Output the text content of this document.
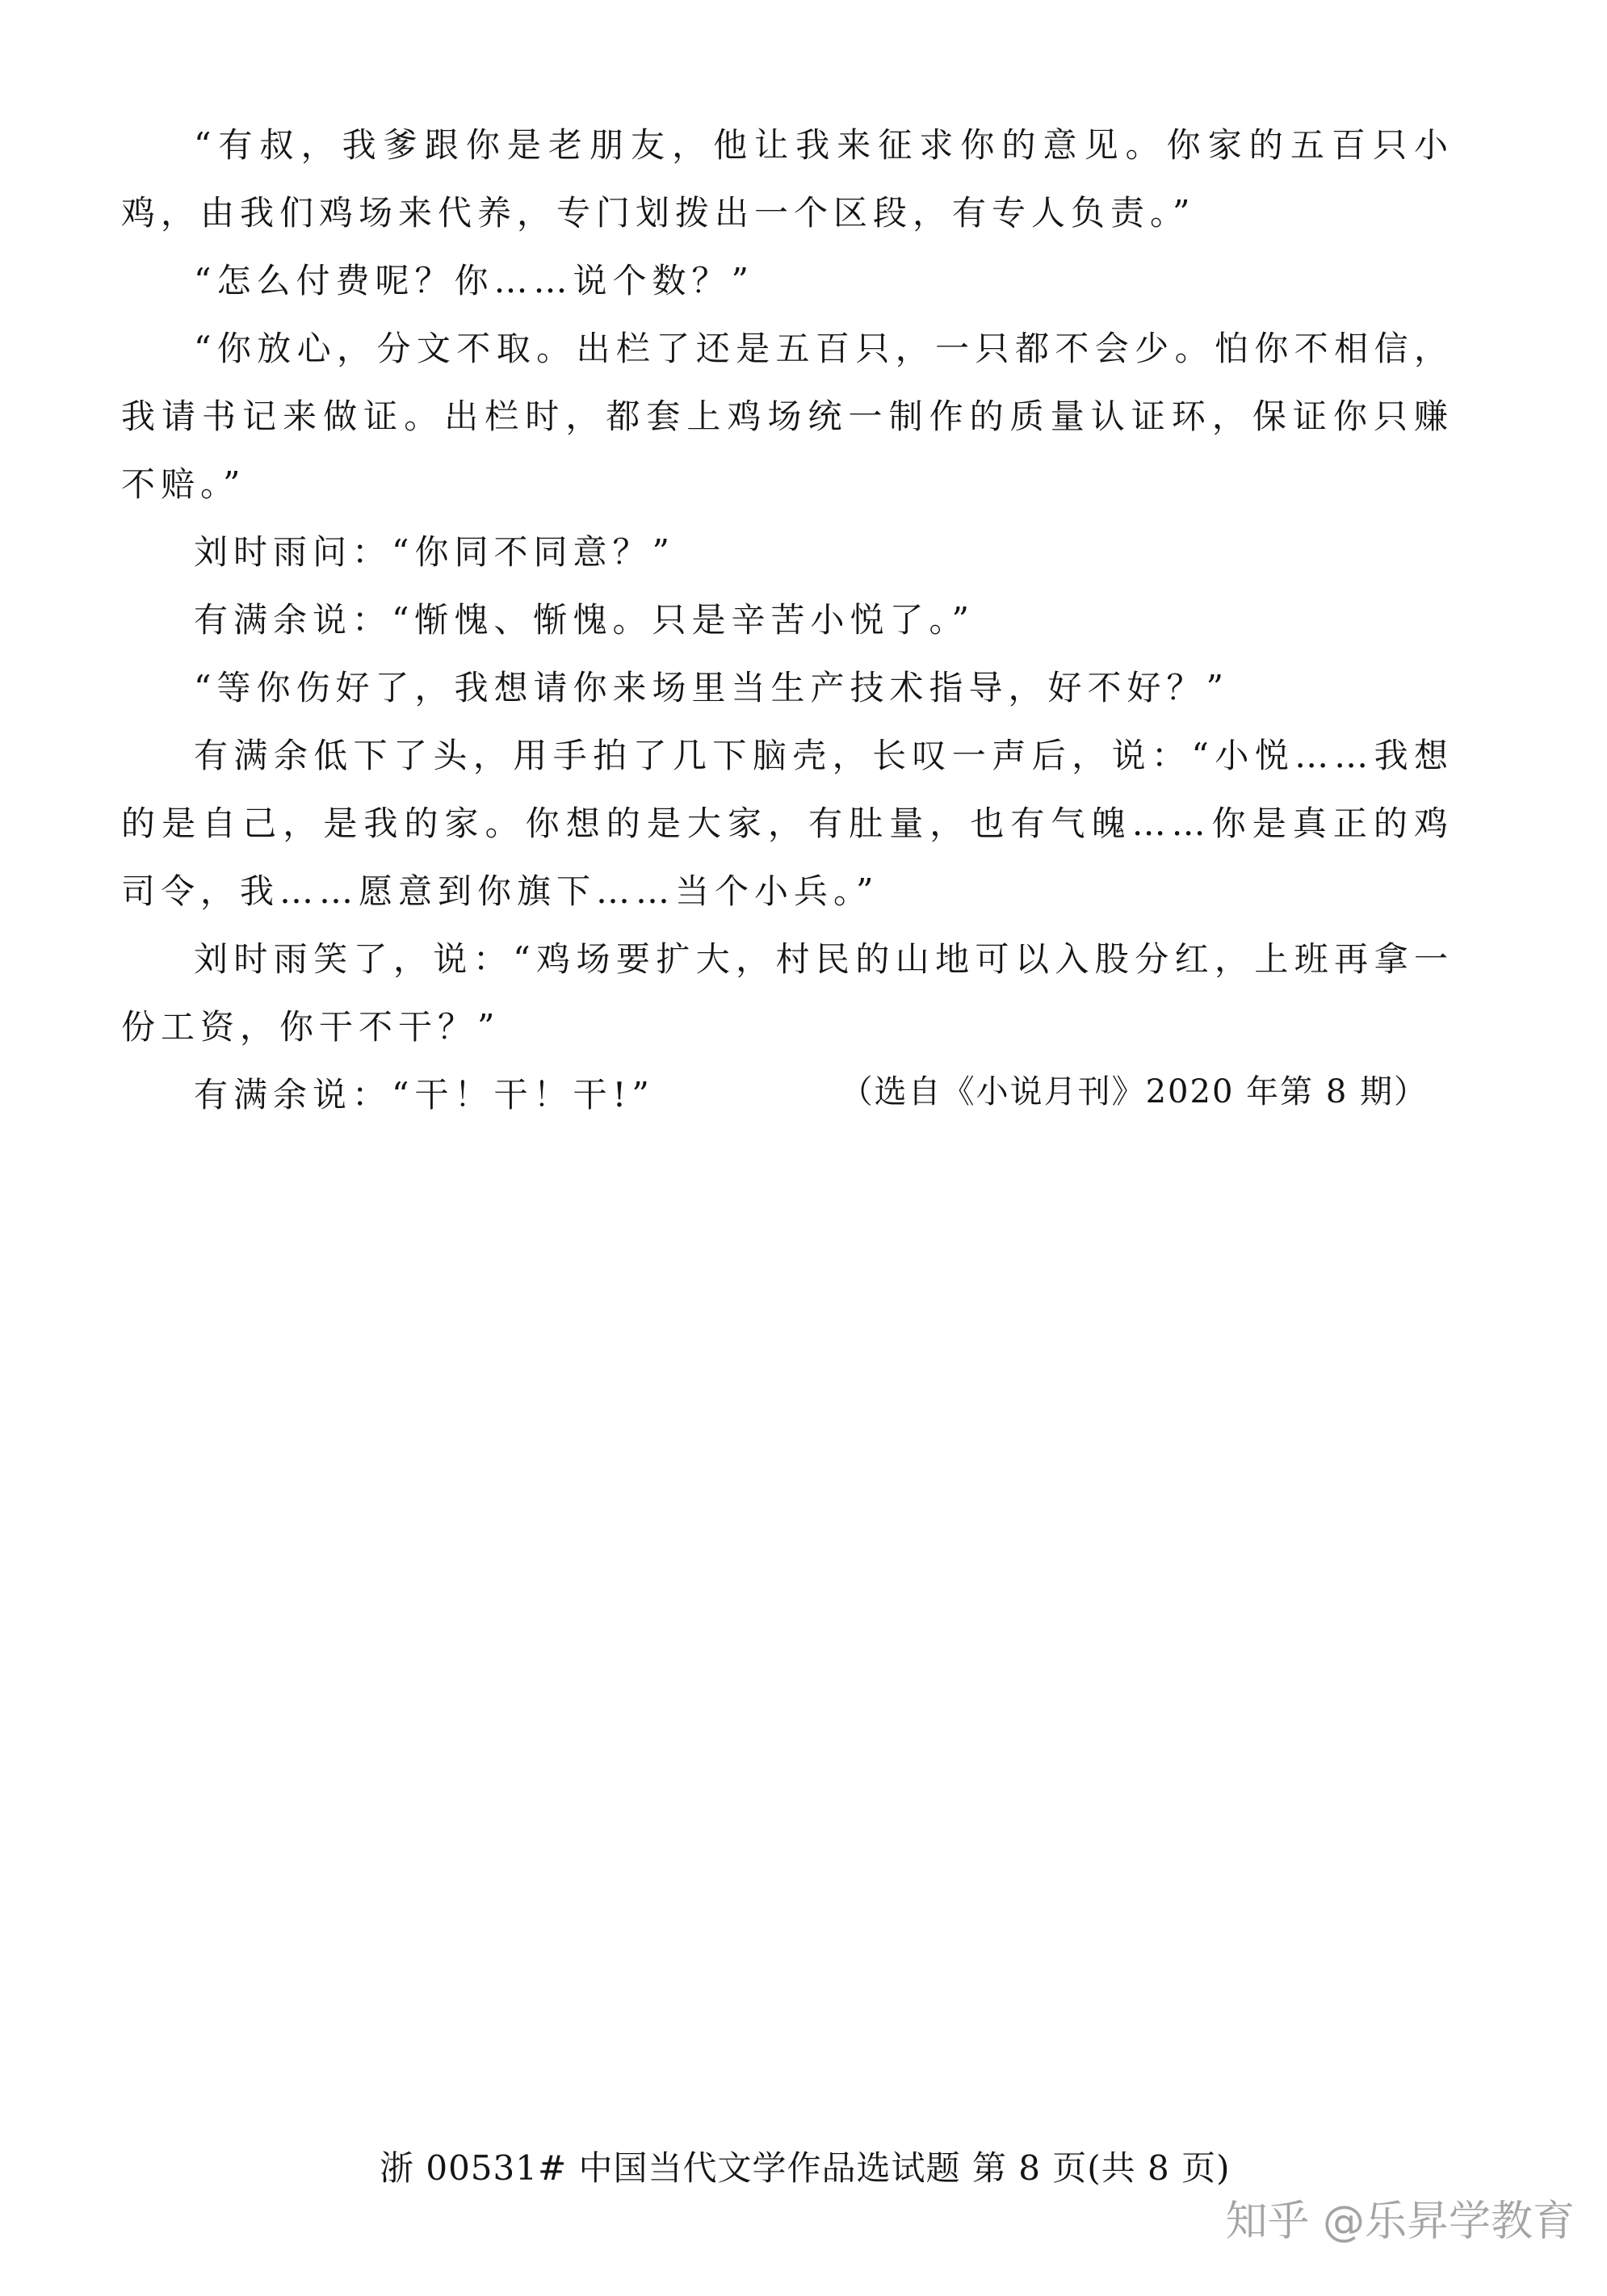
“有叔，我爹跟你是老朋友，他让我来征求你的意见。你家的五百只小鸡，由我们鸡场来代养，专门划拨出一个区段，有专人负责。”

“怎么付费呢？你……说个数？”

“你放心，分文不取。出栏了还是五百只，一只都不会少。怕你不相信，我请书记来做证。出栏时，都套上鸡场统一制作的质量认证环，保证你只赚不赔。”

刘时雨问：“你同不同意？”

有满余说：“惭愧、惭愧。只是辛苦小悦了。”

“等你伤好了，我想请你来场里当生产技术指导，好不好？”

有满余低下了头，用手拍了几下脑壳，长叹一声后，说：“小悦……我想的是自己，是我的家。你想的是大家，有肚量，也有气魄……你是真正的鸡司令，我……愿意到你旗下……当个小兵。”

刘时雨笑了，说：“鸡场要扩大，村民的山地可以入股分红，上班再拿一份工资，你干不干？”

有满余说：“干！干！干!”	（选自《小说月刊》2020 年第 8 期）
浙 00531# 中国当代文学作品选试题 第 8 页(共 8 页)
知乎 @乐昇学教育
